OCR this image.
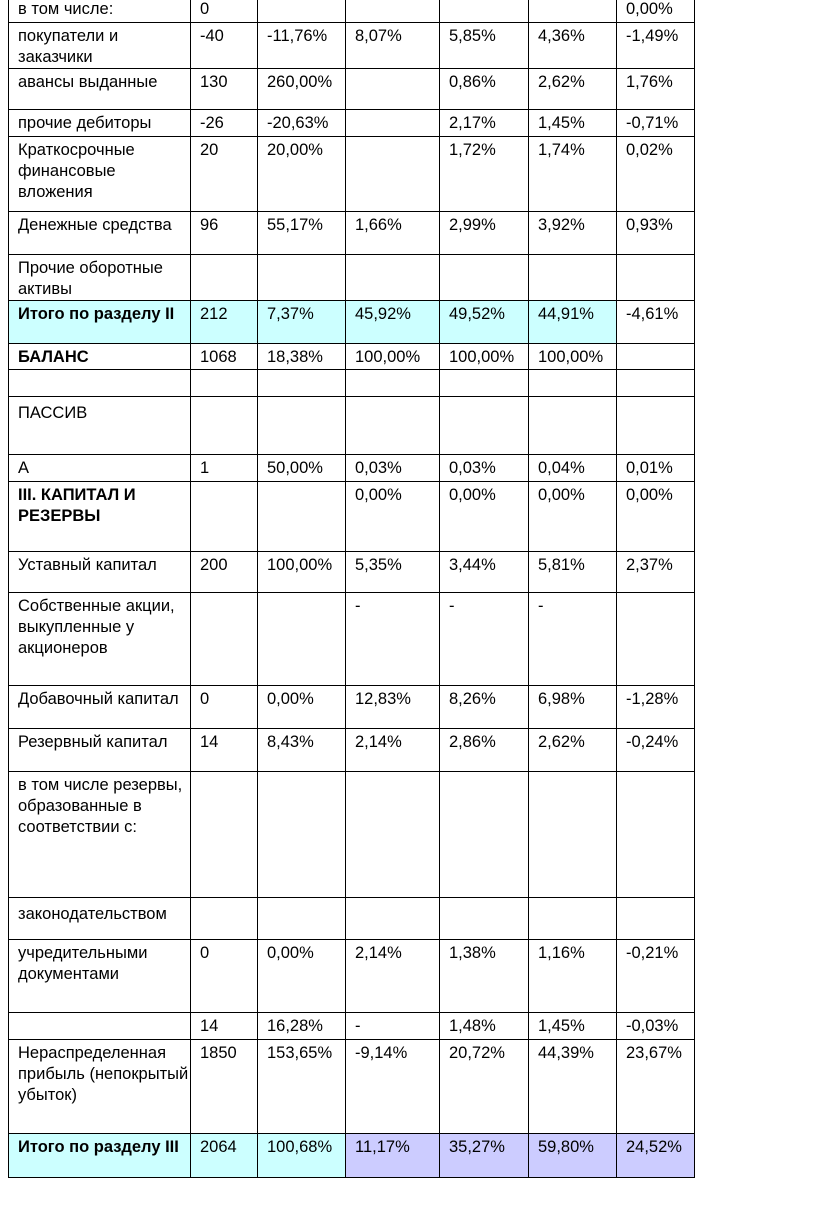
в том числе:	0					0,00%
покупатели и заказчики	-40	-11,76%	8,07%	5,85%	4,36%	-1,49%
авансы выданные	130	260,00%		0,86%	2,62%	1,76%
прочие дебиторы	-26	-20,63%		2,17%	1,45%	-0,71%
Краткосрочные финансовые вложения	20	20,00%		1,72%	1,74%	0,02%
Денежные средства	96	55,17%	1,66%	2,99%	3,92%	0,93%
Прочие оборотные активы						
Итого по разделу II	212	7,37%	45,92%	49,52%	44,91%	-4,61%
БАЛАНС	1068	18,38%	100,00%	100,00%	100,00%	

ПАССИВ						
А	1	50,00%	0,03%	0,03%	0,04%	0,01%
III. КАПИТАЛ И РЕЗЕРВЫ			0,00%	0,00%	0,00%	0,00%
Уставный капитал	200	100,00%	5,35%	3,44%	5,81%	2,37%
Собственные акции, выкупленные у акционеров			-	-	-	
Добавочный капитал	0	0,00%	12,83%	8,26%	6,98%	-1,28%
Резервный капитал	14	8,43%	2,14%	2,86%	2,62%	-0,24%
в том числе резервы, образованные в соответствии с:						
законодательством						
учредительными документами	0	0,00%	2,14%	1,38%	1,16%	-0,21%
	14	16,28%	-	1,48%	1,45%	-0,03%
Нераспределенная прибыль (непокрытый убыток)	1850	153,65%	-9,14%	20,72%	44,39%	23,67%
Итого по разделу III	2064	100,68%	11,17%	35,27%	59,80%	24,52%
